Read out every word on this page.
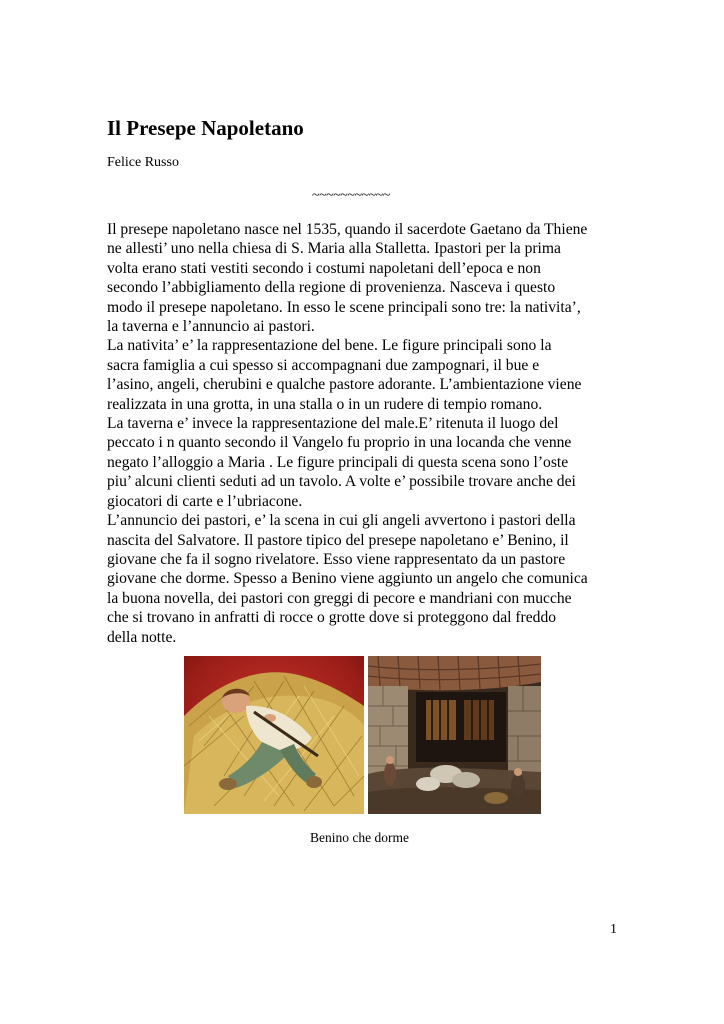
Il Presepe Napoletano
Felice Russo
~~~~~~~~~~~
Il presepe napoletano nasce nel 1535, quando il sacerdote Gaetano da Thiene
ne allesti’ uno nella chiesa di S. Maria alla Stalletta. Ipastori per la prima
volta erano stati vestiti secondo i costumi napoletani dell’epoca e non
secondo l’abbigliamento della regione di provenienza. Nasceva i questo
modo il presepe napoletano. In esso le scene principali sono tre: la nativita’,
la taverna e l’annuncio ai pastori.
La nativita’ e’ la rappresentazione del bene. Le figure principali sono la
sacra famiglia a cui spesso si accompagnani due zampognari, il bue e
l’asino, angeli, cherubini e qualche pastore adorante. L’ambientazione viene
realizzata in una grotta, in una stalla o in un rudere di tempio romano.
La taverna e’ invece la rappresentazione del male.E’ ritenuta il luogo del
peccato i n quanto secondo il Vangelo fu proprio in una locanda che venne
negato l’alloggio a Maria . Le figure principali di questa scena sono l’oste
piu’ alcuni clienti seduti ad un tavolo. A volte e’ possibile trovare anche dei
giocatori di carte e l’ubriacone.
L’annuncio dei pastori, e’ la scena in cui gli angeli avvertono i pastori della
nascita del Salvatore. Il pastore tipico del presepe napoletano e’ Benino, il
giovane che fa il sogno rivelatore. Esso viene rappresentato da un pastore
giovane che dorme. Spesso a Benino viene aggiunto un angelo che comunica
la buona novella, dei pastori con greggi di pecore e mandriani con mucche
che si trovano in anfratti di rocce o grotte dove si proteggono dal freddo
della notte.
Benino che dorme
1
